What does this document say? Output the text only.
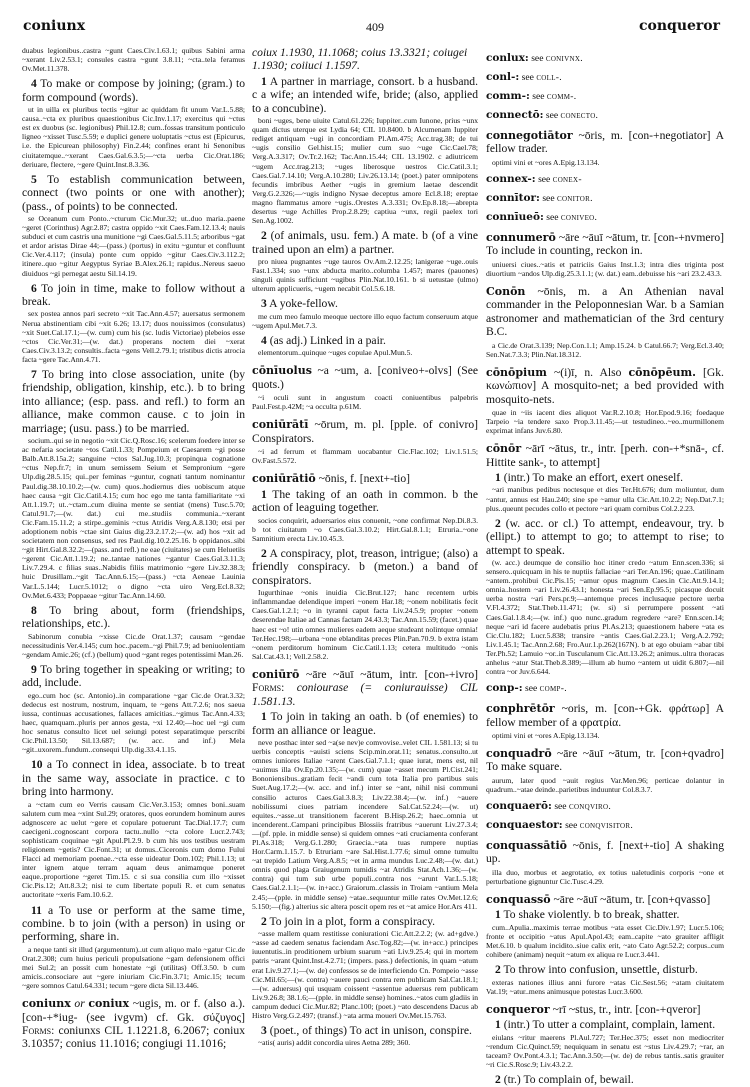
coniunx	409	conqueror

duabus legionibus..castra ~gunt Caes.Civ.1.63.1; quibus Sabini arma ~xerant Liv.2.53.1; consules castra ~gunt 3.8.11; ~cta..tela feramus Ov.Met.11.378.

4 To make or compose by joining; (gram.) to form compound (words).

ut in uilla ex pluribus tectis ~gitur ac quiddam fit unum Var.L.5.88; causa..~cta ex pluribus quaestionibus Cic.Inv.1.17; exercitus qui ~ctus est ex duobus (sc. legionibus) Phil.12.8; cum..fossas transitum ponticulo ligneo ~xisset Tusc.5.59; e duplici genere uoluptatis ~ctus est (Epicurus, i.e. the Epicurean philosophy) Fin.2.44; confines erant hi Senonibus ciuitatemque..~xerant Caes.Gal.6.3.5;—~cta uerba Cic.Orat.186; deriuare, flectere, ~gere Quint.Inst.8.3.36.

5 To establish communication between, connect (two points or one with another); (pass., of points) to be connected.

se Oceanum cum Ponto..~cturum Cic.Mur.32; ut..duo maria..paene ~geret (Corinthus) Agr.2.87; castra oppido ~xit Caes.Fam.12.13.4; nauis subduci et cum castris una munitione ~gi Caes.Gal.5.11.5; arboribus ~gat et ardor aristas Dirae 44;—(pass.) (portus) in exitu ~guntur et confluunt Cic.Ver.4.117; (insula) ponte cum oppido ~gitur Caes.Civ.3.112.2; itinere..quo ~gitur Aegyptus Syriae B.Alex.26.1; rapidus..Nereus saeuo diuiduos ~gi pernegat aestu Sil.14.19.

6 To join in time, make to follow without a break.

sex postea annos pari secreto ~xit Tac.Ann.4.57; auersatus sermonem Nerua abstinentiam cibi ~xit 6.26; 13.17; duos nouissimos (consulatus) ~xit Suet.Cal.17.1;—(w. cum) cum his (sc. ludis Victoriae) plebeios esse ~ctos Cic.Ver.31;—(w. dat.) properans noctem diei ~xerat Caes.Civ.3.13.2; consultis..facta ~gens Vell.2.79.1; tristibus dictis atrocia facta ~gere Tac.Ann.4.71.

7 To bring into close association, unite (by friendship, obligation, kinship, etc.). b to bring into alliance; (esp. pass. and refl.) to form an alliance, make common cause. c to join in marriage; (usu. pass.) to be married.

socium..qui se in negotio ~xit Cic.Q.Rosc.16; scelerum foedere inter se ac nefaria societate ~tos Catil.1.33; Pompeium et Caesarem ~gi posse Balb.Att.8.15a.2; sanguine ~ctos Sal.Jug.10.3; propinqua cognatione ~ctus Nep.fr.7; in unum semissem Seium et Sempronium ~gere Ulp.dig.28.5.15; qui..per feminas ~guntur, cognati tantum nominantur Paul.dig.38.10.10.2;—(w. cum) quos..hodiernus dies uobiscum atque haec causa ~git Cic.Catil.4.15; cum hoc ego me tanta familiaritate ~xi Att.1.19.7; ut..~ctam..cum diuina mente se sentiat (mens) Tusc.5.70; Catul.91.7;—(w. dat.) cui me..studiis communia..~xerant Cic.Fam.15.11.2; a stirpe..geminis ~ctus Atridis Verg.A.8.130; etsi per adoptionem nobis ~ctae sint Gaius dig.23.2.17.2;—(w. ad) hos ~xit ad societatem non consensus, sed res Paul.dig.10.2.25.16. b oppidanos..sibi ~git Hirt.Gal.8.32.2;—(pass. and refl.) ne eae (ciuitates) se cum Heluetiis ~gerent Cic.Att.1.19.2; ne..tantae nationes ~gantur Caes.Gal.3.11.3; Liv.7.29.4. c filias suas..Nabidis filiis matrimonio ~gere Liv.32.38.3; huic Drusillam..~git Tac.Ann.6.15;—(pass.) ~cta Aeneae Lauinia Var.L.5.144; Lucr.5.1012; o digno ~cta uiro Verg.Ecl.8.32; Ov.Met.6.433; Poppaeae ~gitur Tac.Ann.14.60.

8 To bring about, form (friendships, relationships, etc.).

Sabinorum conubia ~xisse Cic.de Orat.1.37; causam ~gendae necessitudinis Ver.4.145; cum hoc..pacem..~gi Phil.7.9; ad beniuolentiam ~gendam Amic.26; (cf.) (bellum) quod ~gant reges potentissimi Man.26.

9 To bring together in speaking or writing; to add, include.

ego..cum hoc (sc. Antonio)..in comparatione ~gar Cic.de Orat.3.32; dedecus est nostrum, nostrum, inquam, te ~gens Att.7.2.6; nos saeua iussa, continuas accusationes, fallaces amicitias..~gimus Tac.Ann.4.33; haec, quamquam..pluris per annos gesta, ~xi 12.40;—hoc uel ~gi cum hoc senatus consulto licet uel seiungi potest separatimque perscribi Cic.Phil.13.50; Sil.13.687; (w. acc. and inf.) Mela ~git..uxorem..fundum..consequi Ulp.dig.33.4.1.15.

10 a To connect in idea, associate. b to treat in the same way, associate in practice. c to bring into harmony.

a ~ctam cum eo Verris causam Cic.Ver.3.153; omnes boni..suam salutem cum mea ~xint Sul.29; oratores, quos eorundem hominum aures adgnoscere ac uelut ~gere et copulare potuerunt Tac.Dial.17.7; cum caecigeni..cognoscant corpora tactu..nullo ~cta colore Lucr.2.743; sophisticam coquinae ~git Apul.Pl.2.9. b cum his uos testibus uestram religionem ~getis? Cic.Font.31; ut domus..Ciceronis cum domo Fului Flacci ad memoriam poenae..~cta esse uideatur Dom.102; Phil.1.13; ut inter ignem atque terram aquam deus animamque poneret eaque..proportione ~geret Tim.15. c si sua consilia cum illo ~xisset Cic.Pis.12; Att.8.3.2; nisi te cum libertate populi R. et cum senatus auctoritate ~xeris Fam.10.6.2.

11 a To use or perform at the same time, combine. b to join (with a person) in using or performing, share in.

a neque tanti sit illud (argumentum)..ut cum aliquo malo ~gatur Cic.de Orat.2.308; cum huius periculi propulsatione ~gam defensionem offici mei Sul.2; an possit cum honestate ~gi (utilitas) Off.3.50. b cum amicis..consociare aut ~gere iniuriam Cic.Fin.3.71; Amic.15; tecum ~gere somnos Catul.64.331; tecum ~gere dicta Sil.13.446.

coniunx or coniux ~ugis, m. or f. (also a.). [con-+*iug- (see ivgvm) cf. Gk. σύζυγος] Forms: coniunxs CIL 1.1221.8, 6.2067; coniux 3.10357; conius 11.1016; congiugi 11.1016;

coiux 1.1930, 11.1068; coius 13.3321; coiugei 1.1930; coiiuci 1.1597.

1 A partner in marriage, consort. b a husband. c a wife; an intended wife, bride; (also, applied to a concubine).

boni ~uges, bene uiuite Catul.61.226; Iuppiter..cum Iunone, prius ~unx quam dictus uterque est Lydia 64; CIL 10.8400. b Alcumenam Iuppiter rediget antiquam ~ugi in concordiam Pl.Am.475; Acc.trag.38; de tui ~ugis consilio Gel.hist.15; mulier cum suo ~uge Cic.Cael.78; Verg.A.3.317; Ov.Tr.2.162; Tac.Ann.15.44; CIL 13.1902. c adiutricem ~ugem Acc.trag.213; ~uges liberosque uestros Cic.Catil.3.1; Caes.Gal.7.14.10; Verg.A.10.280; Liv.26.13.14; (poet.) pater omnipotens fecundis imbribus Aether ~ugis in gremium laetae descendit Verg.G.2.326;—~ugis indigno Nysae deceptus amore Ecl.8.18; ereptae magno flammatus amore ~ugis..Orestes A.3.331; Ov.Ep.8.18;—abrepta desertus ~uge Achilles Prop.2.8.29; captiua ~unx, regii paelex tori Sen.Ag.1002.

2 (of animals, usu. fem.) A mate. b (of a vine trained upon an elm) a partner.

pro niuea pugnantes ~uge tauros Ov.Am.2.12.25; lanigerae ~uge..ouis Fast.1.334; suo ~unx abducta marito..columba 1.457; mares (pauones) singuli quinis sufficiunt ~ugibus Plin.Nat.10.161. b si uetustae (ulmo) ulterum applicueris, ~ugem necabit Col.5.6.18.

3 A yoke-fellow.

me cum meo famulo meoque uectore illo equo factum conseruum atque ~ugem Apul.Met.7.3.

4 (as adj.) Linked in a pair.

elementorum..quinque ~uges copulae Apul.Mun.5.

cōnīuolus ~a ~um, a. [coniveo+-olvs] (See quots.)

~i oculi sunt in angustum coacti coniuentibus palpebris Paul.Fest.p.42M; ~a occulta p.61M.

coniūrātī ~ōrum, m. pl. [pple. of conivro] Conspirators.

~i ad ferrum et flammam uocabantur Cic.Flac.102; Liv.1.51.5; Ov.Fast.5.572.

coniūrātiō ~ōnis, f. [next+-tio]

1 The taking of an oath in common. b the action of leaguing together.

socios conquirit, aduersarios eius conuenit, ~one confirmat Nep.Di.8.3. b tot ciuitatum ~o Caes.Gal.3.10.2; Hirt.Gal.8.1.1; Etruria..~one Samnitium erecta Liv.10.45.3.

2 A conspiracy, plot, treason, intrigue; (also) a friendly conspiracy. b (meton.) a band of conspirators.

Iugurthinae ~onis inuidia Cic.Brut.127; hanc recentem urbis inflammandae delendique imperi ~onem Har.18; ~onem nobilitatis fecit Caes.Gal.1.2.1; ~o in tyranni caput facta Liv.24.5.9; propter ~onem deserendae Italiae ad Cannas factam 24.43.3; Tac.Ann.15.59; (facet.) quae haec est ~o! utin omnes mulieres eadem aeque studeant nolintque omnia! Ter.Hec.198;—urbana ~one eblanditas preces Plin.Pan.70.9. b extra istam ~onem perditorum hominum Cic.Catil.1.13; cetera multitudo ~onis Sal.Cat.43.1; Vell.2.58.2.

coniūrō ~āre ~āuī ~ātum, intr. [con-+ivro] Forms: coniourase (= coniurauisse) CIL 1.581.13.

1 To join in taking an oath. b (of enemies) to form an alliance or league.

neve posthac inter sed ~a(se nev)e comvovise..velet CIL 1.581.13; si tu uerbis conceptis ~auisti sciens Scip.min.orat.11; senatus..consulto..ut omnes iuniores Italiae ~arent Caes.Gal.7.1.1; quae iurat, mens est, nil ~auimus illa Ov.Ep.20.135;—(w. cum) quae ~asset mecum Pl.Cist.241; Bononiensibus..gratiam fecit ~andi cum tota Italia pro partibus suis Suet.Aug.17.2;—(w. acc. and inf.) inter se ~ant, nihil nisi communi consilio acturos Caes.Gal.3.8.3; Liv.22.38.4;—(w. inf.) ~auere nobilissumi ciues patriam incendere Sal.Cat.52.24;—(w. ut) equites..~asse..ut transitionem facerent B.Hisp.26.2; haec..omnia ut incenderent..Campani principibus Blossiis fratribus ~auerunt Liv.27.3.4;—(pf. pple. in middle sense) si quidem omnes ~ati cruciamenta conferant Pl.As.318; Verg.G.1.280; Graecia..~ata tuas rumpere nuptias Hor.Carm.1.15.7. b Etruriam ~are Sal.Hist.1.77.6; simul omne tumultu ~at trepido Latium Verg.A.8.5; ~et in arma mundus Luc.2.48;—(w. dat.) omnis quod plaga Graiugenum tumidis ~at Atridis Stat.Ach.1.36;—(w. contra) qui tum sub urbe populi..contra nos ~arunt Var.L.5.18; Caes.Gal.2.1.1;—(w. in+acc.) Graiorum..classis in Troiam ~antium Mela 2.45;—(pple. in middle sense) ~atae..sequuntur mille rates Ov.Met.12.6; 5.150;—(fig.) alterius sic altera poscit opem res et ~at amice Hor.Ars 411.

2 To join in a plot, form a conspiracy.

~asse mallem quam restitisse coniurationi Cic.Att.2.2.2; (w. ad+gdve.) ~asse ad caedem senatus faciendam Asc.Tog.82;—(w. in+acc.) principes iuuentutis..in proditionem urbium suarum ~ati Liv.9.25.4; qui in mortem patris ~arant Quint.Inst.4.2.71; (impers. pass.) defectionis, in quam ~atum erat Liv.9.27.1;—(w. de) confessos se de interficiendo Cn. Pompeio ~asse Cic.Mil.65;—(w. contra) ~auere pauci contra rem publicam Sal.Cat.18.1;—(w. aduersus) qui usquam coissent ~assentue aduersus rem publicam Liv.9.26.8; 38.1.6;—(pple. in middle sense) homines..~atos cum gladiis in campum deduci Cic.Mur.82; Planc.100; (poet.) ~ato descendens Dacus ab Histro Verg.G.2.497; (transf.) ~ata arma moueri Ov.Met.15.763.

3 (poet., of things) To act in unison, conspire.

~atis( auris) addit concordia uires Aetna 289; 360.

conlux: see conivnx.

conl-: see coll-.

comm-: see comm-.

connectō: see conecto.

connegotiātor ~ōris, m. [con-+negotiator] A fellow trader.

optimi vini et ~ores A.Epig.13.134.

connex-: see conex-

connītor: see conitor.

connīueō: see coniveo.

connumerō ~āre ~āuī ~ātum, tr. [con-+nvmero] To include in counting, reckon in.

uniuersi ciues..~atis et patriciis Gaius Inst.1.3; intra dies triginta post diuortium ~andos Ulp.dig.25.3.1.1; (w. dat.) eam..debuisse his ~ari 23.2.43.3.

Conōn ~ōnis, m. a An Athenian naval commander in the Peloponnesian War. b a Samian astronomer and mathematician of the 3rd century B.C.

a Cic.de Orat.3.139; Nep.Con.1.1; Amp.15.24. b Catul.66.7; Verg.Ecl.3.40; Sen.Nat.7.3.3; Plin.Nat.18.312.

cōnōpium ~(i)ī, n. Also cōnōpēum. [Gk. κωνώπιον] A mosquito-net; a bed provided with mosquito-nets.

quae in ~iis iacent dies aliquot Var.R.2.10.8; Hor.Epod.9.16; foedaque Tarpeio ~ia tendere saxo Prop.3.11.45;—ut testudineo..~eo..murmillonem exprimat infans Juv.6.80.

cōnōr ~ārī ~ātus, tr., intr. [perh. con-+*snā-, cf. Hittite sank-, to attempt]

1 (intr.) To make an effort, exert oneself.

~ari manibus pedibus noctesque et dies Ter.Ht.676; dum moliuntur, dum ~antur, annus est Hau.240; sine spe ~amur ulla Cic.Att.10.2.2; Nep.Dat.7.1; plus..queunt pecudes collo et pectore ~ari quam cornibus Col.2.2.23.

2 (w. acc. or cl.) To attempt, endeavour, try. b (ellipt.) to attempt to go; to attempt to rise; to attempt to speak.

(w. acc.) deumque de consilio hoc itiner credo ~atum Enn.scen.336; si sensero..quicquam in his te nuptiis fallaciae ~ari Ter.An.196; quae..Catilinam ~antem..prohibui Cic.Pis.15; ~amur opus magnum Caes.in Cic.Att.9.14.1; omnia..hostem ~ari Liv.26.43.1; honesta ~ari Sen.Ep.95.5; picasque docuit uerba nostra ~ari Pers.pr.9;—antemque preces inclusaque pectore uerba V.Fl.4.372; Stat.Theb.11.471; (w. si) si perrumpere possent ~ati Caes.Gal.1.8.4;—(w. inf.) quo nunc..gradum regredere ~are? Enn.scen.14; neque ~ari id facere audebatis prius Pl.As.213; quaestionem habere ~ata es Cic.Clu.182; Lucr.5.838; transire ~antis Caes.Gal.2.23.1; Verg.A.2.792; Liv.1.45.1; Tac.Ann.2.68; Fro.Aur.1.p.262(167N). b at ego obuiam ~abar tibi Ter.Ph.52; Lamuio ~or..in Tusculanum Cic.Att.13.26.2; animus..ultra thoracas anhelus ~atur Stat.Theb.8.389;—illum ab humo ~antem ut uidit 6.807;—nil contra ~or Juv.6.644.

conp-: see comp-.

conphrētōr ~oris, m. [con-+Gk. φράτωρ] A fellow member of a φρατρία.

optimi vini et ~ores A.Epig.13.134.

conquadrō ~āre ~āuī ~ātum, tr. [con+qvadro] To make square.

aurum, later quod ~auit regius Var.Men.96; perticae dolantur in quadrum..~atae deinde..parietibus induuntur Col.8.3.7.

conquaerō: see conqviro.

conquaestor: see conqvisitor.

conquassātiō ~ōnis, f. [next+-tio] A shaking up.

illa duo, morbus et aegrotatio, ex totius ualetudinis corporis ~one et perturbatione gignuntur Cic.Tusc.4.29.

conquassō ~āre ~āuī ~ātum, tr. [con+qvasso]

1 To shake violently. b to break, shatter.

cum..Apulia..maximis terrae motibus ~ata esset Cic.Div.1.97; Lucr.5.106; fronte et occipitio ~atus Apul.Apol.43; eam..capite ~ato grauiter affligit Met.6.10. b qualum incidito..siue calix erit, ~ato Cato Agr.52.2; corpus..cum cohibere (animam) nequit ~atum ex aliqua re Lucr.3.441.

2 To throw into confusion, unsettle, disturb.

exteras nationes illius anni furore ~atas Cic.Sest.56; ~atam ciuitatem Vat.19; ~atur..mens animusque potestas Lucr.3.600.

conqueror ~rī ~stus, tr., intr. [con-+qveror]

1 (intr.) To utter a complaint, complain, lament.

eiulans ~ritur maerens Pl.Aul.727; Ter.Hec.375; esset non mediocriter ~rendum Cic.Quinct.59; nequiquam in senatu est ~stus Liv.4.29.7; ~rar, an taceam? Ov.Pont.4.3.1; Tac.Ann.3.50;—(w. de) de rebus tantis..satis grauiter ~ri Cic.S.Rosc.9; Liv.43.2.2.

2 (tr.) To complain of, bewail.
